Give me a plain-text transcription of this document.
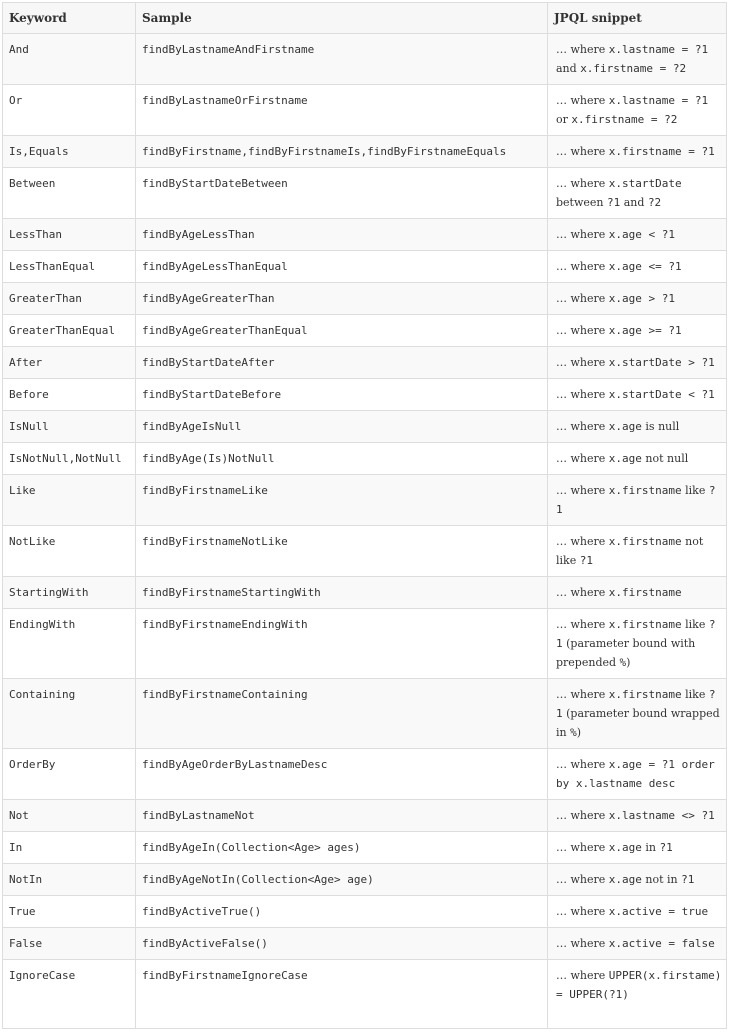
Keyword	Sample	JPQL snippet
And	findByLastnameAndFirstname	… where x.lastname = ?1 and x.firstname = ?2
Or	findByLastnameOrFirstname	… where x.lastname = ?1 or x.firstname = ?2
Is,Equals	findByFirstname,findByFirstnameIs,findByFirstnameEquals	… where x.firstname = ?1
Between	findByStartDateBetween	… where x.startDate between ?1 and ?2
LessThan	findByAgeLessThan	… where x.age < ?1
LessThanEqual	findByAgeLessThanEqual	… where x.age <= ?1
GreaterThan	findByAgeGreaterThan	… where x.age > ?1
GreaterThanEqual	findByAgeGreaterThanEqual	… where x.age >= ?1
After	findByStartDateAfter	… where x.startDate > ?1
Before	findByStartDateBefore	… where x.startDate < ?1
IsNull	findByAgeIsNull	… where x.age is null
IsNotNull,NotNull	findByAge(Is)NotNull	… where x.age not null
Like	findByFirstnameLike	… where x.firstname like ?1
NotLike	findByFirstnameNotLike	… where x.firstname not like ?1
StartingWith	findByFirstnameStartingWith	… where x.firstname
EndingWith	findByFirstnameEndingWith	… where x.firstname like ?1 (parameter bound with prepended %)
Containing	findByFirstnameContaining	… where x.firstname like ?1 (parameter bound wrapped in %)
OrderBy	findByAgeOrderByLastnameDesc	… where x.age = ?1 order by x.lastname desc
Not	findByLastnameNot	… where x.lastname <> ?1
In	findByAgeIn(Collection<Age> ages)	… where x.age in ?1
NotIn	findByAgeNotIn(Collection<Age> age)	… where x.age not in ?1
True	findByActiveTrue()	… where x.active = true
False	findByActiveFalse()	… where x.active = false
IgnoreCase	findByFirstnameIgnoreCase	… where UPPER(x.firstame) = UPPER(?1)
